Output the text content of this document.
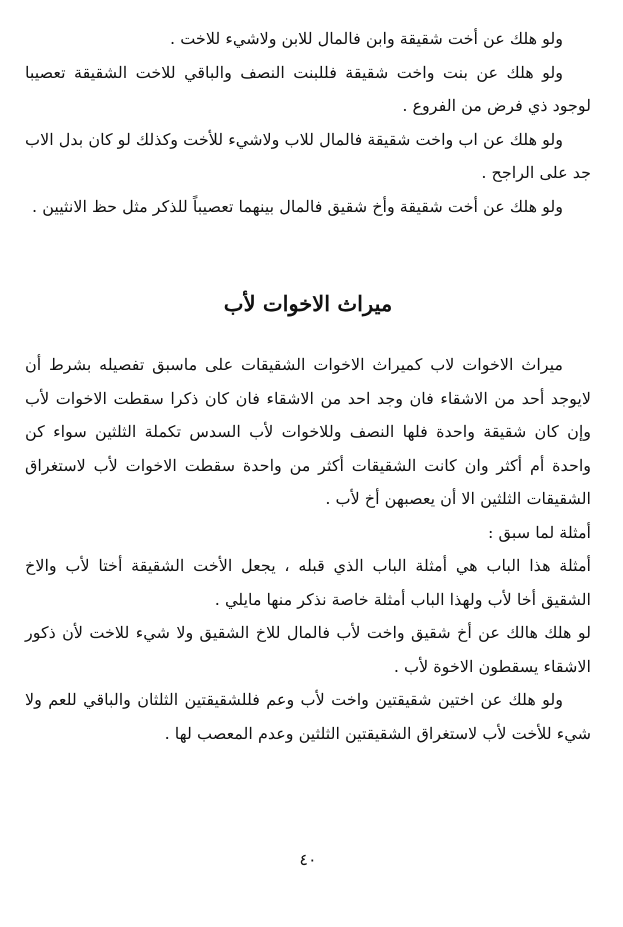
ولو هلك عن أخت شقيقة وابن فالمال للابن ولاشيء للاخت .

ولو هلك عن بنت واخت شقيقة فللبنت النصف والباقي للاخت الشقيقة تعصيبا لوجود ذي فرض من الفروع .

ولو هلك عن اب واخت شقيقة فالمال للاب ولاشيء للأخت وكذلك لو كان بدل الاب جد على الراجح .

ولو هلك عن أخت شقيقة وأخ شقيق فالمال بينهما تعصيباً للذكر مثل حظ الانثيين .

ميراث الاخوات لأب

ميراث الاخوات لاب كميراث الاخوات الشقيقات على ماسبق تفصيله بشرط أن لايوجد أحد من الاشقاء فان وجد احد من الاشقاء فان كان ذكرا سقطت الاخوات لأب وإن كان شقيقة واحدة فلها النصف وللاخوات لأب السدس تكملة الثلثين سواء كن واحدة أم أكثر وان كانت الشقيقات أكثر من واحدة سقطت الاخوات لأب لاستغراق الشقيقات الثلثين الا أن يعصبهن أخ لأب .

أمثلة لما سبق :

أمثلة هذا الباب هي أمثلة الباب الذي قبله ، يجعل الأخت الشقيقة أختا لأب والاخ الشقيق أخا لأب ولهذا الباب أمثلة خاصة نذكر منها مايلي .

لو هلك هالك عن أخ شقيق واخت لأب فالمال للاخ الشقيق ولا شيء للاخت لأن ذكور الاشقاء يسقطون الاخوة لأب .

ولو هلك عن اختين شقيقتين واخت لأب وعم فللشقيقتين الثلثان والباقي للعم ولا شيء للأخت لأب لاستغراق الشقيقتين الثلثين وعدم المعصب لها .

٤٠
